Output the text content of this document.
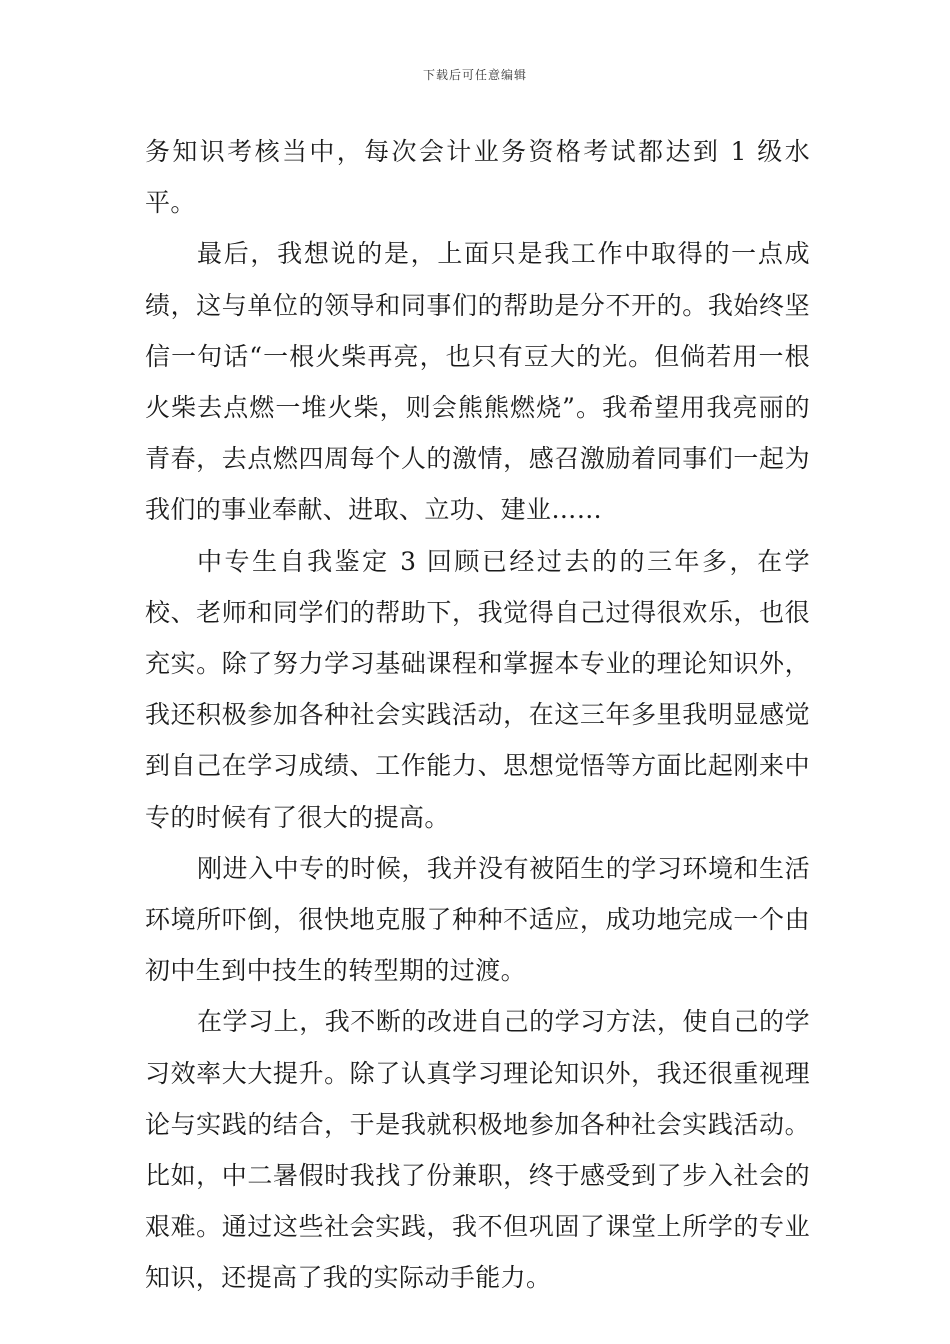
下载后可任意编辑

务知识考核当中，每次会计业务资格考试都达到 1 级水平。

最后，我想说的是，上面只是我工作中取得的一点成绩，这与单位的领导和同事们的帮助是分不开的。我始终坚信一句话“一根火柴再亮，也只有豆大的光。但倘若用一根火柴去点燃一堆火柴，则会熊熊燃烧”。我希望用我亮丽的青春，去点燃四周每个人的激情，感召激励着同事们一起为我们的事业奉献、进取、立功、建业……

中专生自我鉴定 3 回顾已经过去的的三年多，在学校、老师和同学们的帮助下，我觉得自己过得很欢乐，也很充实。除了努力学习基础课程和掌握本专业的理论知识外，我还积极参加各种社会实践活动，在这三年多里我明显感觉到自己在学习成绩、工作能力、思想觉悟等方面比起刚来中专的时候有了很大的提高。

刚进入中专的时候，我并没有被陌生的学习环境和生活环境所吓倒，很快地克服了种种不适应，成功地完成一个由初中生到中技生的转型期的过渡。

在学习上，我不断的改进自己的学习方法，使自己的学习效率大大提升。除了认真学习理论知识外，我还很重视理论与实践的结合，于是我就积极地参加各种社会实践活动。比如，中二暑假时我找了份兼职，终于感受到了步入社会的艰难。通过这些社会实践，我不但巩固了课堂上所学的专业知识，还提高了我的实际动手能力。
